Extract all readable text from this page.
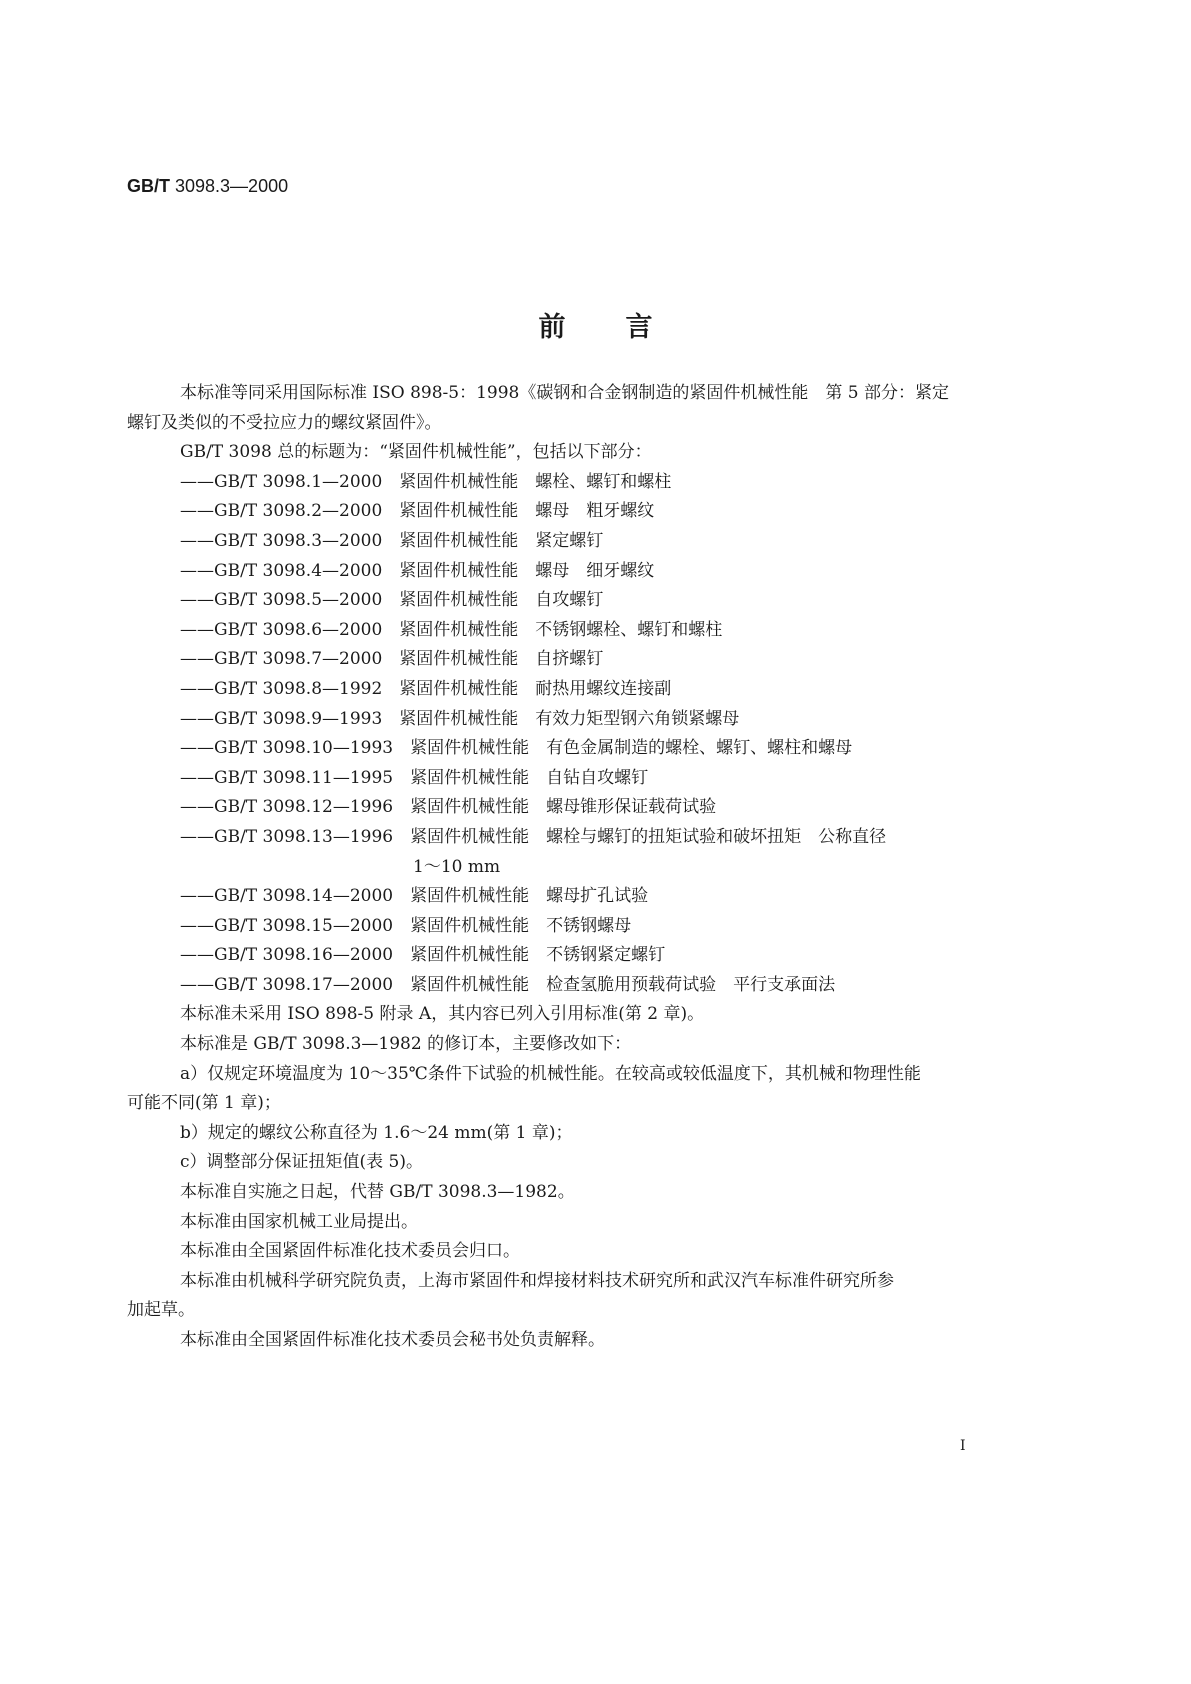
GB/T 3098.3—2000
前言
本标准等同采用国际标准 ISO 898-5：1998《碳钢和合金钢制造的紧固件机械性能　第 5 部分：紧定
螺钉及类似的不受拉应力的螺纹紧固件》。
GB/T 3098 总的标题为：“紧固件机械性能”，包括以下部分：
——GB/T 3098.1—2000　紧固件机械性能　螺栓、螺钉和螺柱
——GB/T 3098.2—2000　紧固件机械性能　螺母　粗牙螺纹
——GB/T 3098.3—2000　紧固件机械性能　紧定螺钉
——GB/T 3098.4—2000　紧固件机械性能　螺母　细牙螺纹
——GB/T 3098.5—2000　紧固件机械性能　自攻螺钉
——GB/T 3098.6—2000　紧固件机械性能　不锈钢螺栓、螺钉和螺柱
——GB/T 3098.7—2000　紧固件机械性能　自挤螺钉
——GB/T 3098.8—1992　紧固件机械性能　耐热用螺纹连接副
——GB/T 3098.9—1993　紧固件机械性能　有效力矩型钢六角锁紧螺母
——GB/T 3098.10—1993　紧固件机械性能　有色金属制造的螺栓、螺钉、螺柱和螺母
——GB/T 3098.11—1995　紧固件机械性能　自钻自攻螺钉
——GB/T 3098.12—1996　紧固件机械性能　螺母锥形保证载荷试验
——GB/T 3098.13—1996　紧固件机械性能　螺栓与螺钉的扭矩试验和破坏扭矩　公称直径
1～10 mm
——GB/T 3098.14—2000　紧固件机械性能　螺母扩孔试验
——GB/T 3098.15—2000　紧固件机械性能　不锈钢螺母
——GB/T 3098.16—2000　紧固件机械性能　不锈钢紧定螺钉
——GB/T 3098.17—2000　紧固件机械性能　检查氢脆用预载荷试验　平行支承面法
本标准未采用 ISO 898-5 附录 A，其内容已列入引用标准(第 2 章)。
本标准是 GB/T 3098.3—1982 的修订本，主要修改如下：
a）仅规定环境温度为 10～35℃条件下试验的机械性能。在较高或较低温度下，其机械和物理性能
可能不同(第 1 章)；
b）规定的螺纹公称直径为 1.6～24 mm(第 1 章)；
c）调整部分保证扭矩值(表 5)。
本标准自实施之日起，代替 GB/T 3098.3—1982。
本标准由国家机械工业局提出。
本标准由全国紧固件标准化技术委员会归口。
本标准由机械科学研究院负责，上海市紧固件和焊接材料技术研究所和武汉汽车标准件研究所参
加起草。
本标准由全国紧固件标准化技术委员会秘书处负责解释。
I
